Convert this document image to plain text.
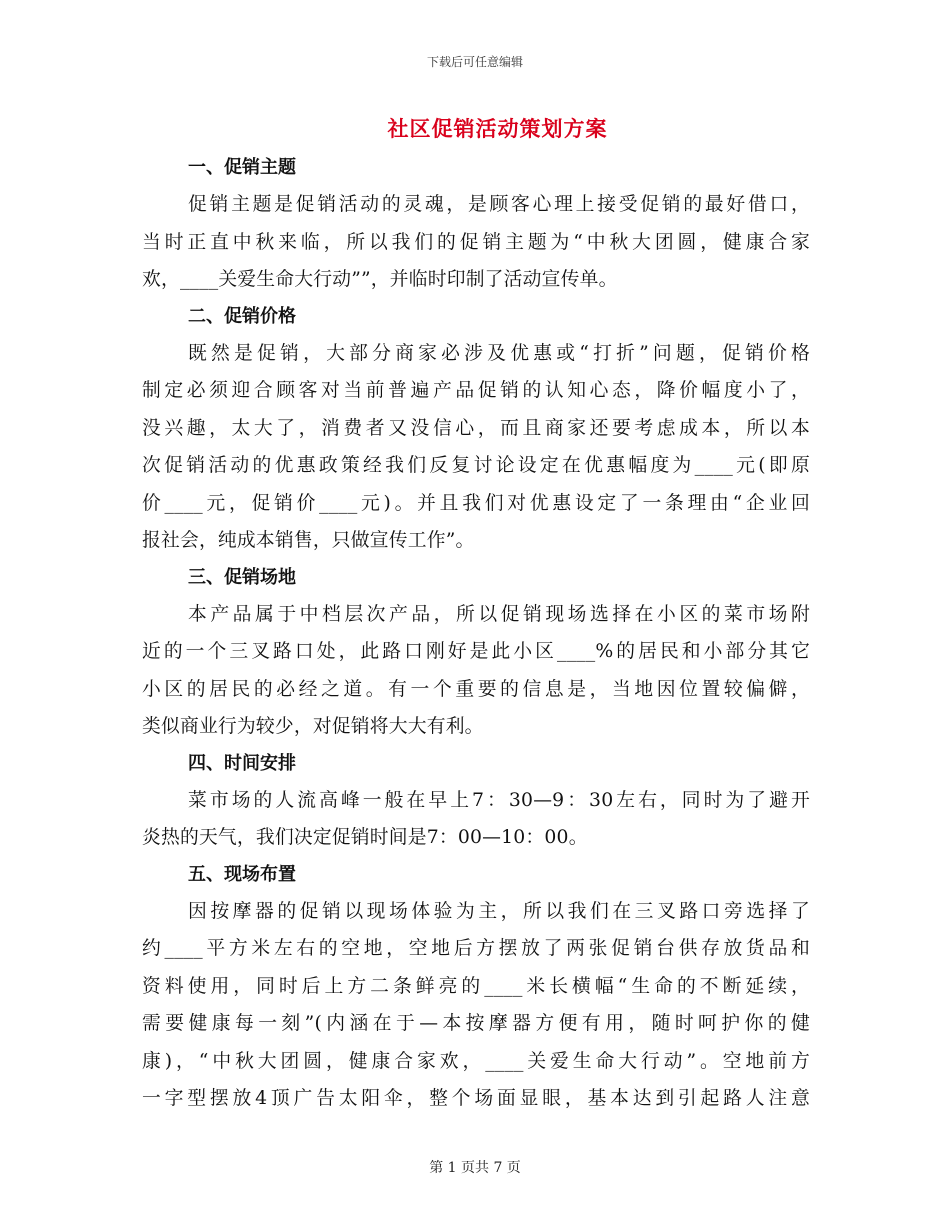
下载后可任意编辑
社区促销活动策划方案
一、促销主题
促销主题是促销活动的灵魂，是顾客心理上接受促销的最好借口，
当时正直中秋来临，所以我们的促销主题为“中秋大团圆，健康合家
欢，____关爱生命大行动””，并临时印制了活动宣传单。
二、促销价格
既然是促销，大部分商家必涉及优惠或“打折”问题，促销价格
制定必须迎合顾客对当前普遍产品促销的认知心态，降价幅度小了，
没兴趣，太大了，消费者又没信心，而且商家还要考虑成本，所以本
次促销活动的优惠政策经我们反复讨论设定在优惠幅度为____元(即原
价____元，促销价____元)。并且我们对优惠设定了一条理由“企业回
报社会，纯成本销售，只做宣传工作”。
三、促销场地
本产品属于中档层次产品，所以促销现场选择在小区的菜市场附
近的一个三叉路口处，此路口刚好是此小区____%的居民和小部分其它
小区的居民的必经之道。有一个重要的信息是，当地因位置较偏僻，
类似商业行为较少，对促销将大大有利。
四、时间安排
菜市场的人流高峰一般在早上7：30—9：30左右，同时为了避开
炎热的天气，我们决定促销时间是7：00—10：00。
五、现场布置
因按摩器的促销以现场体验为主，所以我们在三叉路口旁选择了
约____平方米左右的空地，空地后方摆放了两张促销台供存放货品和
资料使用，同时后上方二条鲜亮的____米长横幅“生命的不断延续，
需要健康每一刻”(内涵在于—本按摩器方便有用，随时呵护你的健
康)，“中秋大团圆，健康合家欢，____关爱生命大行动”。空地前方
一字型摆放4顶广告太阳伞，整个场面显眼，基本达到引起路人注意
第 1 页共 7 页
